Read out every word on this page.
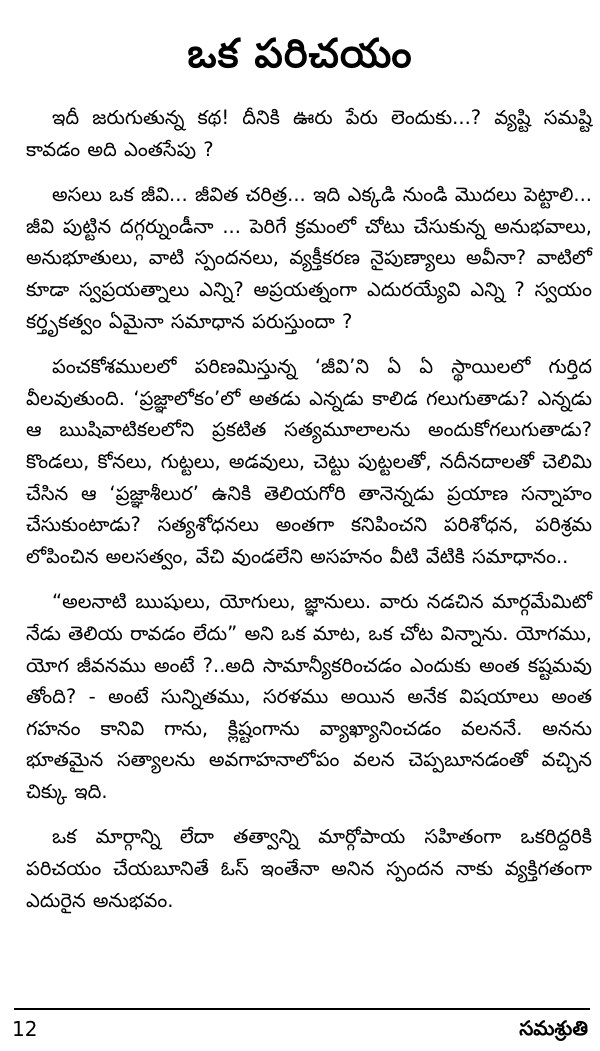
ఒక పరిచయం

ఇదీ జరుగుతున్న కథ! దీనికి ఊరు పేరు లెందుకు...? వ్యష్టి సమష్టి కావడం అది ఎంతసేపు ?

అసలు ఒక జీవి... జీవిత చరిత్ర... ఇది ఎక్కడి నుండి మొదలు పెట్టాలి... జీవి పుట్టిన దగ్గర్నుండీనా ... పెరిగే క్రమంలో చోటు చేసుకున్న అనుభవాలు, అనుభూతులు, వాటి స్పందనలు, వ్యక్తీకరణ నైపుణ్యాలు అవీనా? వాటిలో కూడా స్వప్రయత్నాలు ఎన్ని? అప్రయత్నంగా ఎదురయ్యేవి ఎన్ని ? స్వయం కర్తృకత్వం ఏమైనా సమాధాన పరుస్తుందా ?

పంచకోశములలో పరిణమిస్తున్న ‘జీవి’ని ఏ ఏ స్థాయిలలో గుర్తిద వీలవుతుంది. ‘ప్రజ్ఞాలోకం’లో అతడు ఎన్నడు కాలిడ గలుగుతాడు? ఎన్నడు ఆ ఋషివాటికలలోని ప్రకటిత సత్యమూలాలను అందుకోగలుగుతాడు? కొండలు, కోనలు, గుట్టలు, అడవులు, చెట్టు పుట్టలతో, నదీనదాలతో చెలిమి చేసిన ఆ ‘ప్రజ్ఞాశీలుర’ ఉనికి తెలియగోరి తానెన్నడు ప్రయాణ సన్నాహం చేసుకుంటాడు? సత్యశోధనలు అంతగా కనిపించని పరిశోధన, పరిశ్రమ లోపించిన అలసత్వం, వేచి వుండలేని అసహనం వీటి వేటికి సమాధానం..

“అలనాటి ఋషులు, యోగులు, జ్ఞానులు. వారు నడచిన మార్గమేమిటో నేడు తెలియ రావడం లేదు” అని ఒక మాట, ఒక చోట విన్నాను. యోగము, యోగ జీవనము అంటే ?..అది సామాన్యీకరించడం ఎందుకు అంత కష్టమవు తోంది? - అంటే సున్నితము, సరళము అయిన అనేక విషయాలు అంత గహనం కానివి గాను, క్లిష్టంగాను వ్యాఖ్యానించడం వలననే. అనను భూతమైన సత్యాలను అవగాహనాలోపం వలన చెప్పబూనడంతో వచ్చిన చిక్కు ఇది.

ఒక మార్గాన్ని లేదా తత్వాన్ని మార్గోపాయ సహితంగా ఒకరిద్దరికి పరిచయం చేయబూనితే ఓస్ ఇంతేనా అనిన స్పందన నాకు వ్యక్తిగతంగా ఎదురైన అనుభవం.

12	సమశ్రుతి
